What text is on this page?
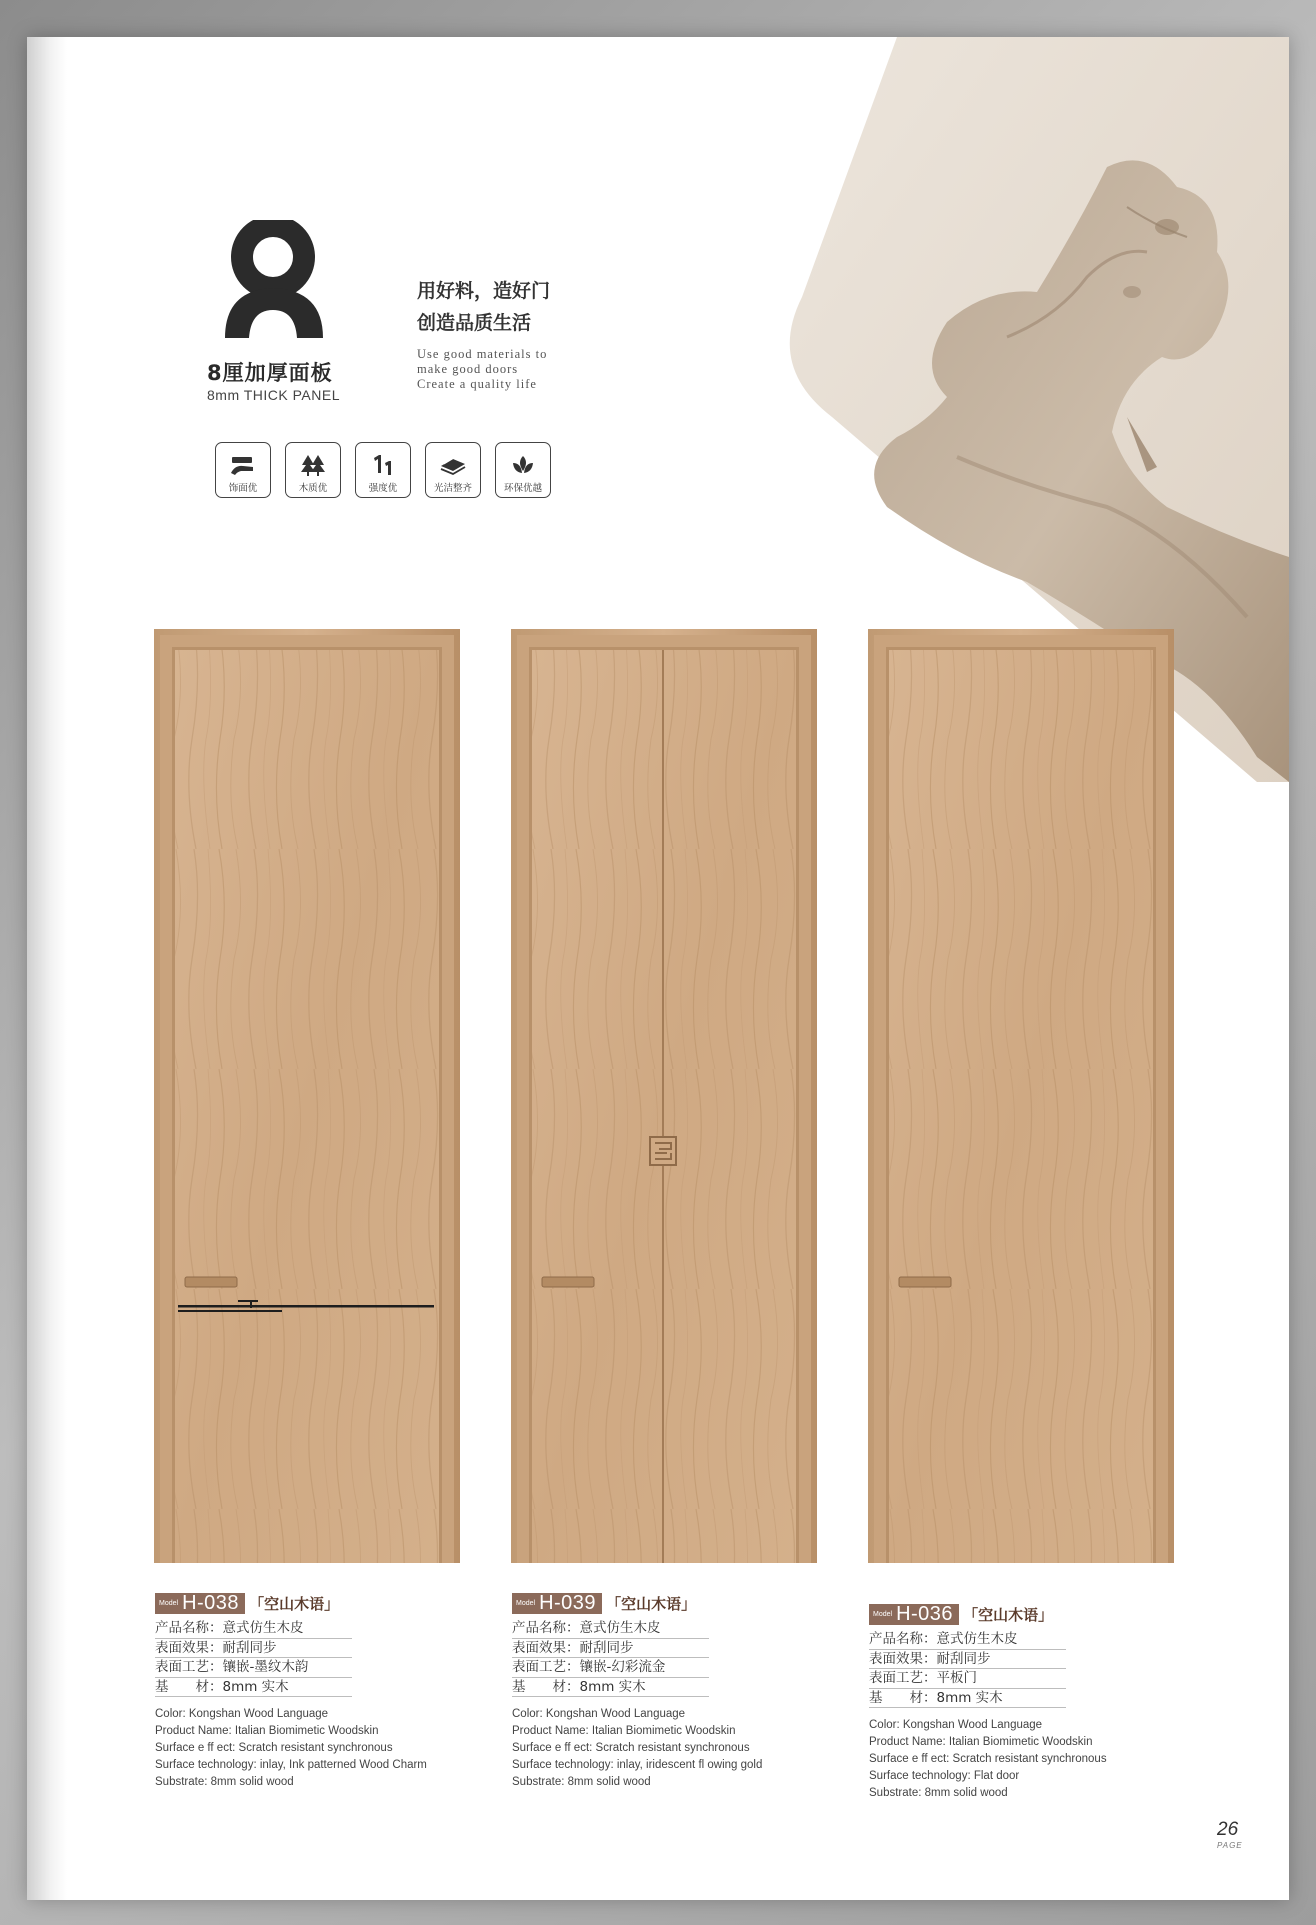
8厘加厚面板
8mm THICK PANEL
用好料，造好门
创造品质生活
Use good materials to
make good doors
Create a quality life
饰面优	木质优	强度优	光洁整齐	环保优越
Model H-038 「空山木语」
产品名称：意式仿生木皮
表面效果：耐刮同步
表面工艺：镶嵌-墨纹木韵
基　　材：8mm 实木
Color: Kongshan Wood Language
Product Name: Italian Biomimetic Woodskin
Surface e ff ect: Scratch resistant synchronous
Surface technology: inlay, Ink patterned Wood Charm
Substrate: 8mm solid wood
Model H-039 「空山木语」
产品名称：意式仿生木皮
表面效果：耐刮同步
表面工艺：镶嵌-幻彩流金
基　　材：8mm 实木
Color: Kongshan Wood Language
Product Name: Italian Biomimetic Woodskin
Surface e ff ect: Scratch resistant synchronous
Surface technology: inlay, iridescent fl owing gold
Substrate: 8mm solid wood
Model H-036 「空山木语」
产品名称：意式仿生木皮
表面效果：耐刮同步
表面工艺：平板门
基　　材：8mm 实木
Color: Kongshan Wood Language
Product Name: Italian Biomimetic Woodskin
Surface e ff ect: Scratch resistant synchronous
Surface technology: Flat door
Substrate: 8mm solid wood
26
PAGE
